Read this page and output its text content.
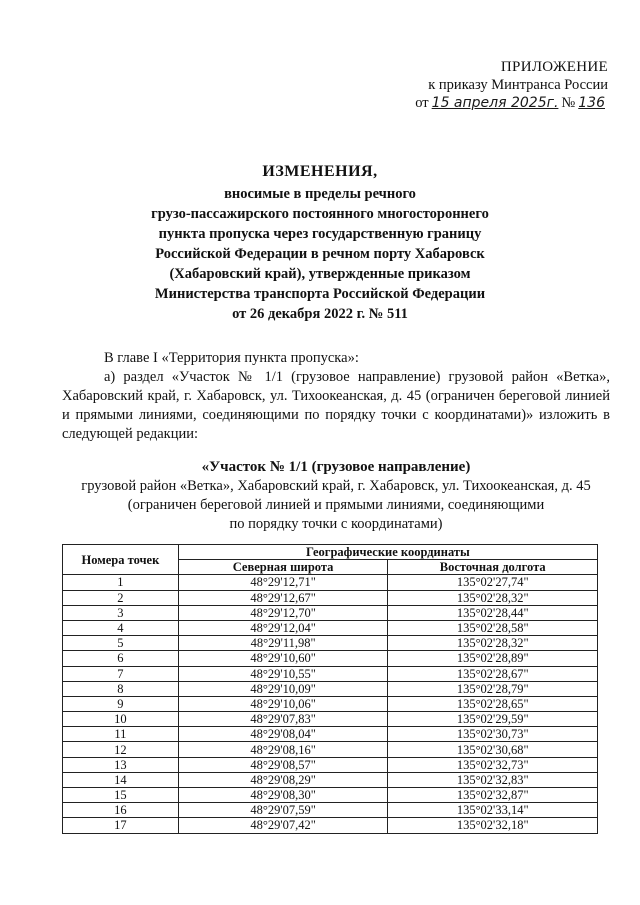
ПРИЛОЖЕНИЕ
к приказу Минтранса России
от 15 апреля 2025г. № 136
ИЗМЕНЕНИЯ,
вносимые в пределы речного
грузо-пассажирского постоянного многостороннего
пункта пропуска через государственную границу
Российской Федерации в речном порту Хабаровск
(Хабаровский край), утвержденные приказом
Министерства транспорта Российской Федерации
от 26 декабря 2022 г. № 511

В главе I «Территория пункта пропуска»:

а) раздел «Участок № 1/1 (грузовое направление) грузовой район «Ветка», Хабаровский край, г. Хабаровск, ул. Тихоокеанская, д. 45 (ограничен береговой линией и прямыми линиями, соединяющими по порядку точки с координатами)» изложить в следующей редакции:

«Участок № 1/1 (грузовое направление)
грузовой район «Ветка», Хабаровский край, г. Хабаровск, ул. Тихоокеанская, д. 45
(ограничен береговой линией и прямыми линиями, соединяющими
по порядку точки с координатами)
Номера точек	Географические координаты	
	Северная широта	Восточная долгота
1	48°29'12,71"	135°02'27,74"
2	48°29'12,67"	135°02'28,32"
3	48°29'12,70"	135°02'28,44"
4	48°29'12,04"	135°02'28,58"
5	48°29'11,98"	135°02'28,32"
6	48°29'10,60"	135°02'28,89"
7	48°29'10,55"	135°02'28,67"
8	48°29'10,09"	135°02'28,79"
9	48°29'10,06"	135°02'28,65"
10	48°29'07,83"	135°02'29,59"
11	48°29'08,04"	135°02'30,73"
12	48°29'08,16"	135°02'30,68"
13	48°29'08,57"	135°02'32,73"
14	48°29'08,29"	135°02'32,83"
15	48°29'08,30"	135°02'32,87"
16	48°29'07,59"	135°02'33,14"
17	48°29'07,42"	135°02'32,18"
